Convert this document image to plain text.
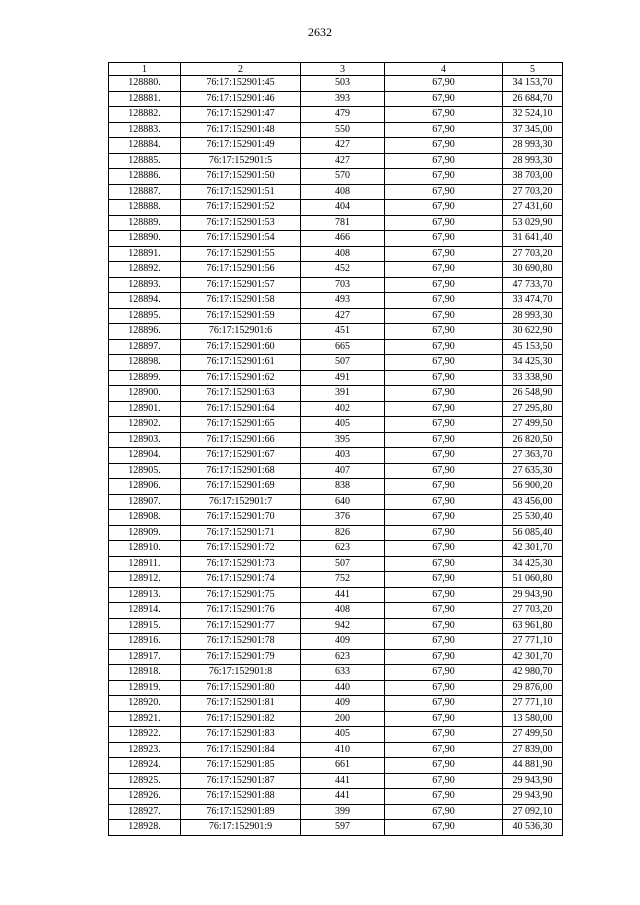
2632
1	2	3	4	5
128880.	76:17:152901:45	503	67,90	34 153,70
128881.	76:17:152901:46	393	67,90	26 684,70
128882.	76:17:152901:47	479	67,90	32 524,10
128883.	76:17:152901:48	550	67,90	37 345,00
128884.	76:17:152901:49	427	67,90	28 993,30
128885.	76:17:152901:5	427	67,90	28 993,30
128886.	76:17:152901:50	570	67,90	38 703,00
128887.	76:17:152901:51	408	67,90	27 703,20
128888.	76:17:152901:52	404	67,90	27 431,60
128889.	76:17:152901:53	781	67,90	53 029,90
128890.	76:17:152901:54	466	67,90	31 641,40
128891.	76:17:152901:55	408	67,90	27 703,20
128892.	76:17:152901:56	452	67,90	30 690,80
128893.	76:17:152901:57	703	67,90	47 733,70
128894.	76:17:152901:58	493	67,90	33 474,70
128895.	76:17:152901:59	427	67,90	28 993,30
128896.	76:17:152901:6	451	67,90	30 622,90
128897.	76:17:152901:60	665	67,90	45 153,50
128898.	76:17:152901:61	507	67,90	34 425,30
128899.	76:17:152901:62	491	67,90	33 338,90
128900.	76:17:152901:63	391	67,90	26 548,90
128901.	76:17:152901:64	402	67,90	27 295,80
128902.	76:17:152901:65	405	67,90	27 499,50
128903.	76:17:152901:66	395	67,90	26 820,50
128904.	76:17:152901:67	403	67,90	27 363,70
128905.	76:17:152901:68	407	67,90	27 635,30
128906.	76:17:152901:69	838	67,90	56 900,20
128907.	76:17:152901:7	640	67,90	43 456,00
128908.	76:17:152901:70	376	67,90	25 530,40
128909.	76:17:152901:71	826	67,90	56 085,40
128910.	76:17:152901:72	623	67,90	42 301,70
128911.	76:17:152901:73	507	67,90	34 425,30
128912.	76:17:152901:74	752	67,90	51 060,80
128913.	76:17:152901:75	441	67,90	29 943,90
128914.	76:17:152901:76	408	67,90	27 703,20
128915.	76:17:152901:77	942	67,90	63 961,80
128916.	76:17:152901:78	409	67,90	27 771,10
128917.	76:17:152901:79	623	67,90	42 301,70
128918.	76:17:152901:8	633	67,90	42 980,70
128919.	76:17:152901:80	440	67,90	29 876,00
128920.	76:17:152901:81	409	67,90	27 771,10
128921.	76:17:152901:82	200	67,90	13 580,00
128922.	76:17:152901:83	405	67,90	27 499,50
128923.	76:17:152901:84	410	67,90	27 839,00
128924.	76:17:152901:85	661	67,90	44 881,90
128925.	76:17:152901:87	441	67,90	29 943,90
128926.	76:17:152901:88	441	67,90	29 943,90
128927.	76:17:152901:89	399	67,90	27 092,10
128928.	76:17:152901:9	597	67,90	40 536,30
